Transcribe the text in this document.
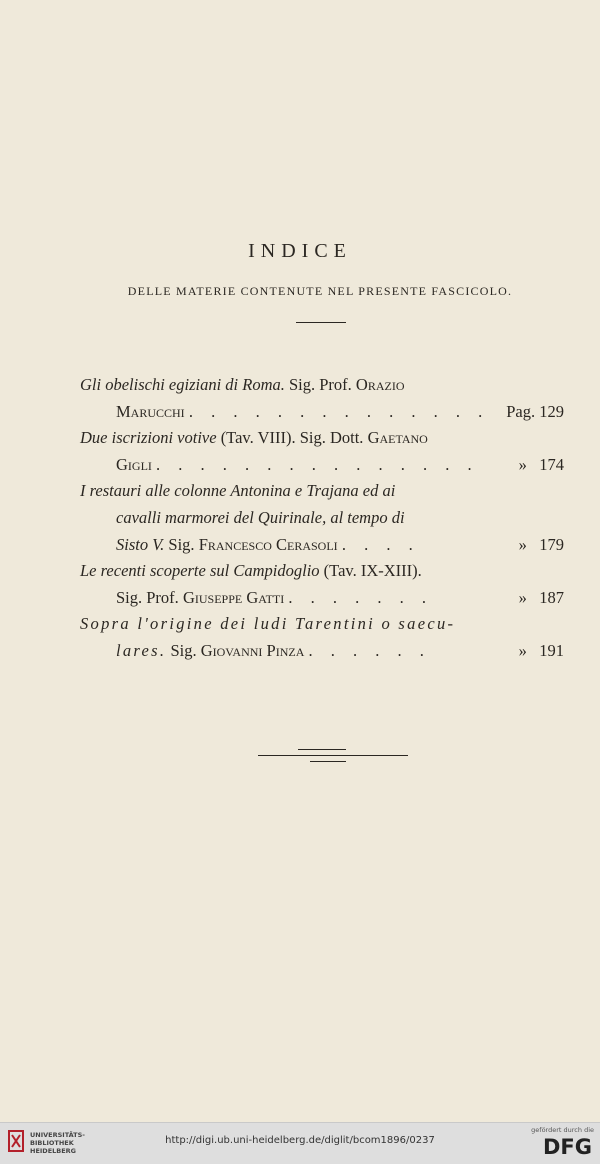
INDICE
DELLE MATERIE CONTENUTE NEL PRESENTE FASCICOLO.
Gli obelischi egiziani di Roma. Sig. Prof. Orazio
Marucchi . . . . . . . . . . . . . . Pag. 129
Due iscrizioni votive (Tav. VIII). Sig. Dott. Gaetano
Gigli . . . . . . . . . . . . . . . » 174
I restauri alle colonne Antonina e Trajana ed ai
cavalli marmorei del Quirinale, al tempo di
Sisto V. Sig. Francesco Cerasoli . . . .	» 179
Le recenti scoperte sul Campidoglio (Tav. IX-XIII).
Sig. Prof. Giuseppe Gatti . . . . . . .	» 187
Sopra l'origine dei ludi Tarentini o saecu-
lares. Sig. Giovanni Pinza . . . . . .	» 191
UNIVERSITÄTS-
BIBLIOTHEK
HEIDELBERG
http://digi.ub.uni-heidelberg.de/diglit/bcom1896/0237
gefördert durch die
DFG
